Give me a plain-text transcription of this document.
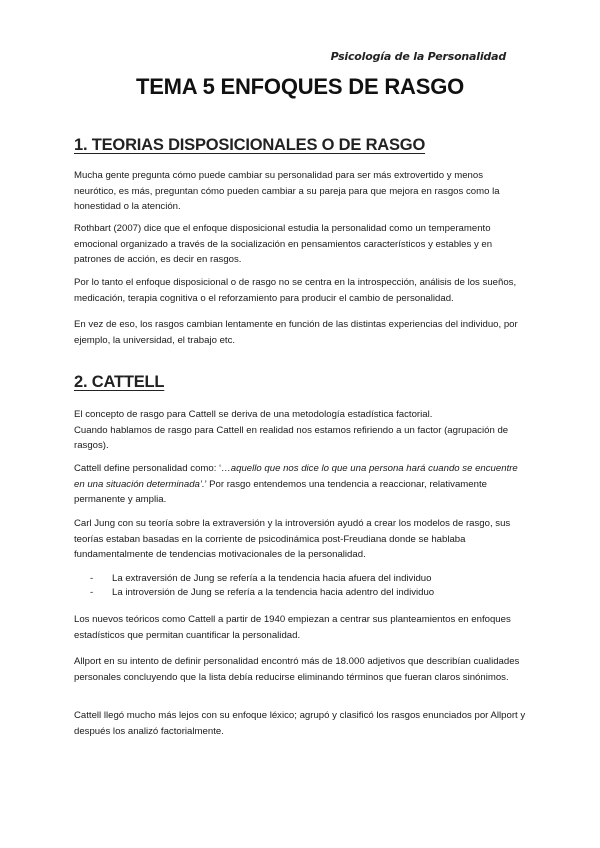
Psicología de la Personalidad
TEMA 5 ENFOQUES DE RASGO
1. TEORIAS DISPOSICIONALES O DE RASGO

Mucha gente pregunta cómo puede cambiar su personalidad para ser más extrovertido y menos neurótico, es más, preguntan cómo pueden cambiar a su pareja para que mejora en rasgos como la honestidad o la atención.

Rothbart (2007) dice que el enfoque disposicional estudia la personalidad como un temperamento emocional organizado a través de la socialización en pensamientos característicos y estables y en patrones de acción, es decir en rasgos.

Por lo tanto el enfoque disposicional o de rasgo no se centra en la introspección, análisis de los sueños, medicación, terapia cognitiva o el reforzamiento para producir el cambio de personalidad.

En vez de eso, los rasgos cambian lentamente en función de las distintas experiencias del individuo, por ejemplo, la universidad, el trabajo etc.

2. CATTELL

El concepto de rasgo para Cattell se deriva de una metodología estadística factorial.
Cuando hablamos de rasgo para Cattell en realidad nos estamos refiriendo a un factor (agrupación de rasgos).

Cattell define personalidad como: ‘…aquello que nos dice lo que una persona hará cuando se encuentre en una situación determinada’.’ Por rasgo entendemos una tendencia a reaccionar, relativamente permanente y amplia.

Carl Jung con su teoría sobre la extraversión y la introversión ayudó a crear los modelos de rasgo, sus teorías estaban basadas en la corriente de psicodinámica post-Freudiana donde se hablaba fundamentalmente de tendencias motivacionales de la personalidad.

- La extraversión de Jung se refería a la tendencia hacia afuera del individuo
- La introversión de Jung se refería a la tendencia hacia adentro del individuo

Los nuevos teóricos como Cattell a partir de 1940 empiezan a centrar sus planteamientos en enfoques estadísticos que permitan cuantificar la personalidad.

Allport en su intento de definir personalidad encontró más de 18.000 adjetivos que describían cualidades personales concluyendo que la lista debía reducirse eliminando términos que fueran claros sinónimos.

Cattell llegó mucho más lejos con su enfoque léxico; agrupó y clasificó los rasgos enunciados por Allport y después los analizó factorialmente.
